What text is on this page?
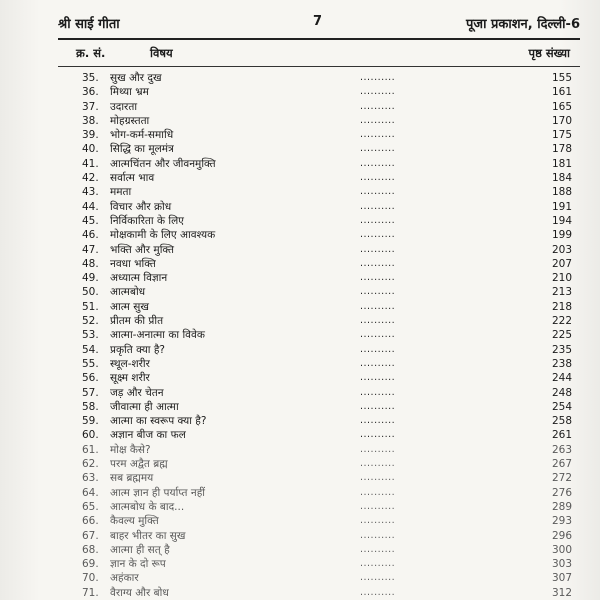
श्री साई गीता	7	पूजा प्रकाशन, दिल्ली-6
क्र. सं.	विषय	पृष्ठ संख्या
35.	सुख और दुख	..........	155
36.	मिथ्या भ्रम	..........	161
37.	उदारता	..........	165
38.	मोहग्रस्तता	..........	170
39.	भोग-कर्म-समाधि	..........	175
40.	सिद्धि का मूलमंत्र	..........	178
41.	आत्मचिंतन और जीवनमुक्ति	..........	181
42.	सर्वात्म भाव	..........	184
43.	ममता	..........	188
44.	विचार और क्रोध	..........	191
45.	निर्विकारिता के लिए	..........	194
46.	मोक्षकामी के लिए आवश्यक	..........	199
47.	भक्ति और मुक्ति	..........	203
48.	नवधा भक्ति	..........	207
49.	अध्यात्म विज्ञान	..........	210
50.	आत्मबोध	..........	213
51.	आत्म सुख	..........	218
52.	प्रीतम की प्रीत	..........	222
53.	आत्मा-अनात्मा का विवेक	..........	225
54.	प्रकृति क्या है?	..........	235
55.	स्थूल-शरीर	..........	238
56.	सूक्ष्म शरीर	..........	244
57.	जड़ और चेतन	..........	248
58.	जीवात्मा ही आत्मा	..........	254
59.	आत्मा का स्वरूप क्या है?	..........	258
60.	अज्ञान बीज का फल	..........	261
61.	मोक्ष कैसे?	..........	263
62.	परम अद्वैत ब्रह्म	..........	267
63.	सब ब्रह्ममय	..........	272
64.	आत्म ज्ञान ही पर्याप्त नहीं	..........	276
65.	आत्मबोध के बाद...	..........	289
66.	कैवल्य मुक्ति	..........	293
67.	बाहर भीतर का सुख	..........	296
68.	आत्मा ही सत् है	..........	300
69.	ज्ञान के दो रूप	..........	303
70.	अहंकार	..........	307
71.	वैराग्य और बोध	..........	312
